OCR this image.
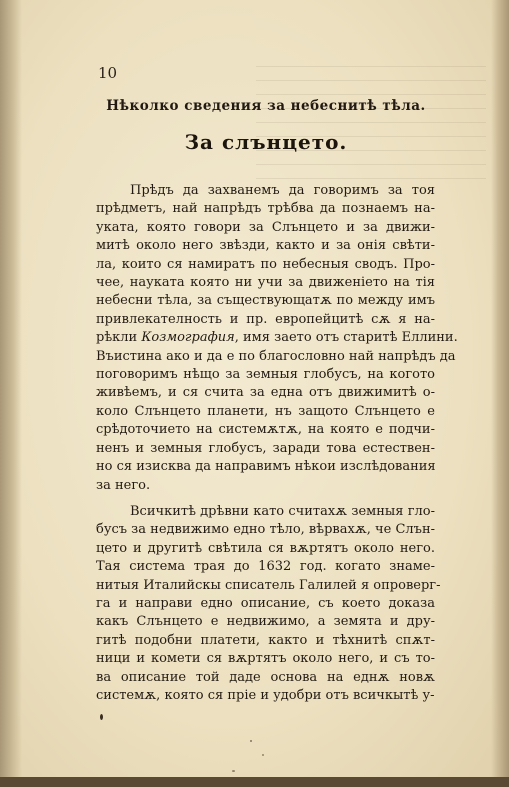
10
Нѣколко сведения за небеснитѣ тѣла.
За слънцето.
Прѣдъ да захванемъ да говоримъ за тоя
прѣдметъ, най напрѣдъ трѣбва да познаемъ на-
уката, която говори за Слънцето и за движи-
митѣ около него звѣзди, както и за онія свѣти-
ла, които ся намиратъ по небесныя сводъ. Про-
чее, науката която ни учи за движеніето на тія
небесни тѣла, за съществующатѫ по между имъ
привлекателность и пр. европейцитѣ сѫ я на-
рѣкли Козмография, имя заето отъ старитѣ Еллини.
Въистина ако и да е по благословно най напрѣдъ да
поговоримъ нѣщо за земныя глобусъ, на когото
живѣемъ, и ся счита за една отъ движимитѣ о-
коло Слънцето планети, нъ защото Слънцето е
срѣдоточието на системѫтѫ, на която е подчи-
ненъ и земныя глобусъ, заради това естествен-
но ся изисква да направимъ нѣкои изслѣдования
за него.
Всичкитѣ дрѣвни като считахѫ земныя гло-
бусъ за недвижимо едно тѣло, вѣрвахѫ, че Слън-
цето и другитѣ свѣтила ся вѫртятъ около него.
Тая система трая до 1632 год. когато знаме-
нитыя Италийскы списатель Галилей я опроверг-
га и направи едно описание, съ което доказа
какъ Слънцето е недвижимо, а земята и дру-
гитѣ подобни платети, както и тѣхнитѣ спѫт-
ници и комети ся вѫртятъ около него, и съ то-
ва описание той даде основа на еднѫ новѫ
системѫ, която ся пріе и удобри отъ всичкытѣ у-
